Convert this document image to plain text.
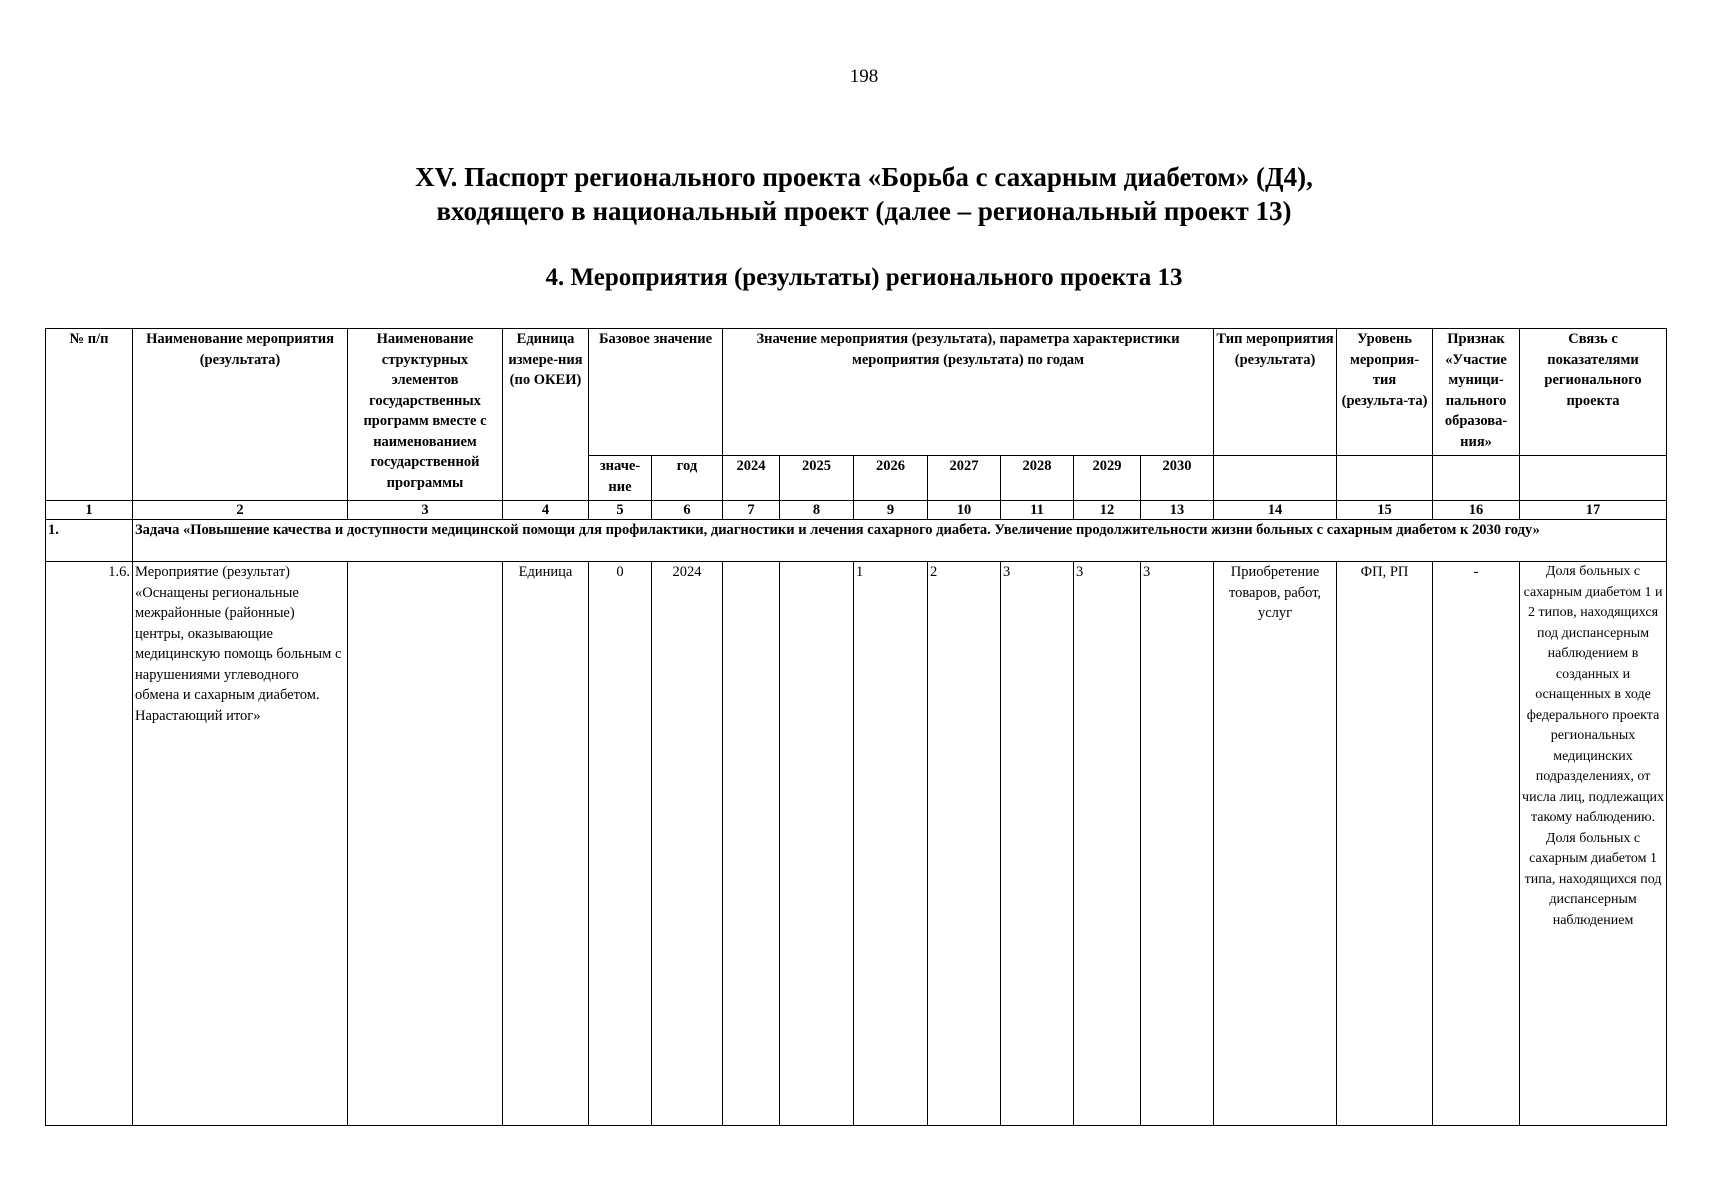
198
XV. Паспорт регионального проекта «Борьба с сахарным диабетом» (Д4),
входящего в национальный проект (далее – региональный проект 13)
4. Мероприятия (результаты) регионального проекта 13
№ п/п	Наименование мероприятия (результата)	Наименование структурных элементов государственных программ вместе с наименованием государственной программы	Единица измере-ния (по ОКЕИ)	Базовое значение		Значение мероприятия (результата), параметра характеристики мероприятия (результата) по годам							Тип мероприятия (результата)	Уровень мероприя-тия (результа-та)	Признак «Участие муници-пального образова-ния»	Связь с показателями регионального проекта
				значе-ние	год	2024	2025	2026	2027	2028	2029	2030				
1	2	3	4	5	6	7	8	9	10	11	12	13	14	15	16	17
1.	Задача «Повышение качества и доступности медицинской помощи для профилактики, диагностики и лечения сахарного диабета. Увеличение продолжительности жизни больных с сахарным диабетом к 2030 году»															
1.6.	Мероприятие (результат) «Оснащены региональные межрайонные (районные) центры, оказывающие медицинскую помощь больным с нарушениями углеводного обмена и сахарным диабетом. Нарастающий итог»		Единица	0	2024			1	2	3	3	3	Приобретение товаров, работ, услуг	ФП, РП	-	Доля больных с сахарным диабетом 1 и 2 типов, находящихся под диспансерным наблюдением в созданных и оснащенных в ходе федерального проекта региональных медицинских подразделениях, от числа лиц, подлежащих такому наблюдению. Доля больных с сахарным диабетом 1 типа, находящихся под диспансерным наблюдением
